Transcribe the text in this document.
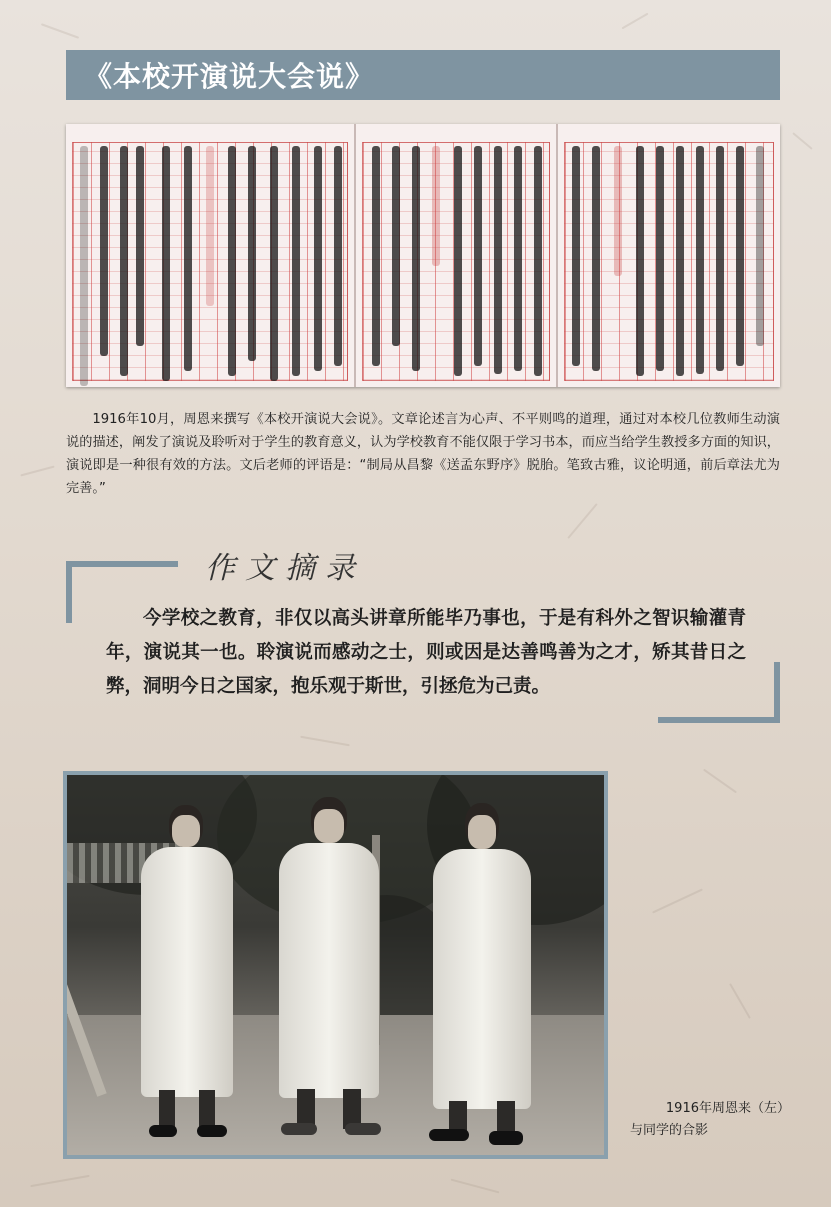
《本校开演说大会说》
1916年10月，周恩来撰写《本校开演说大会说》。文章论述言为心声、不平则鸣的道理，通过对本校几位教师生动演说的描述，阐发了演说及聆听对于学生的教育意义，认为学校教育不能仅限于学习书本，而应当给学生教授多方面的知识，演说即是一种很有效的方法。文后老师的评语是：“制局从昌黎《送孟东野序》脱胎。笔致古雅，议论明通，前后章法尤为完善。”
作文摘录
今学校之教育，非仅以高头讲章所能毕乃事也，于是有科外之智识输灌青年，演说其一也。聆演说而感动之士，则或因是达善鸣善为之才，矫其昔日之弊，洞明今日之国家，抱乐观于斯世，引拯危为己责。
1916年周恩来（左）
与同学的合影
